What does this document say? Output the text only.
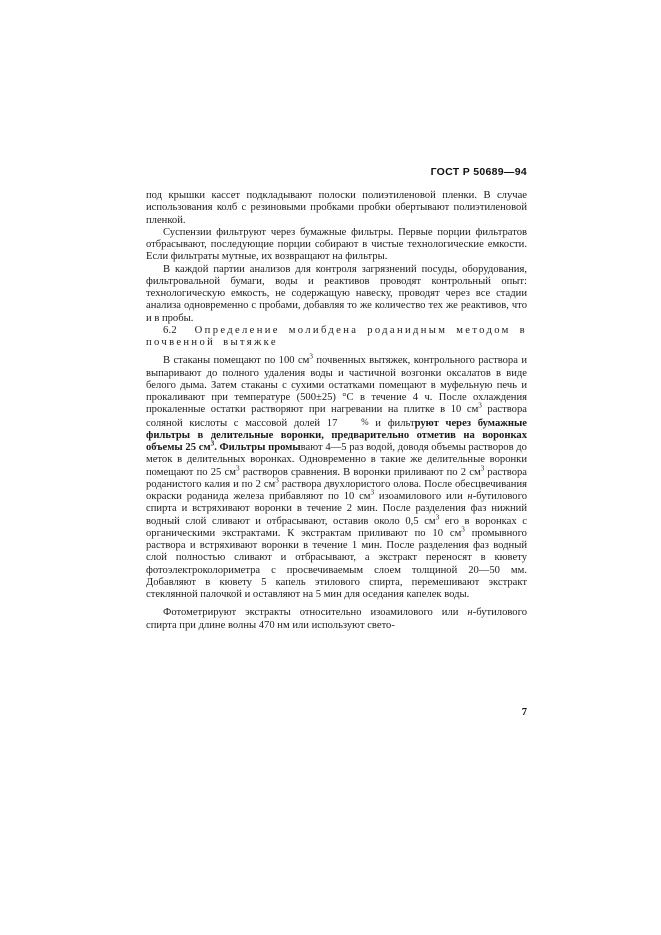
ГОСТ Р 50689—94

под крышки кассет подкладывают полоски полиэтиленовой пленки. В случае использования колб с резиновыми пробками пробки обертывают полиэтиленовой пленкой.

Суспензии фильтруют через бумажные фильтры. Первые порции фильтратов отбрасывают, последующие порции собирают в чистые технологические емкости. Если фильтраты мутные, их возвращают на фильтры.

В каждой партии анализов для контроля загрязнений посуды, оборудования, фильтровальной бумаги, воды и реактивов проводят контрольный опыт: технологическую емкость, не содержащую навеску, проводят через все стадии анализа одновременно с пробами, добавляя то же количество тех же реактивов, что и в пробы.

6.2 Определение молибдена роданидным методом в почвенной вытяжке

В стаканы помещают по 100 $см^3$ почвенных вытяжек, контрольного раствора и выпаривают до полного удаления воды и частичной возгонки оксалатов в виде белого дыма. Затем стаканы с сухими остатками помещают в муфельную печь и прокаливают при температуре (500±25) °С в течение 4 ч. После охлаждения прокаленные остатки растворяют при нагревании на плитке в 10 $см^3$ раствора соляной кислоты с массовой долей 17 % и фильтруют через бумажные фильтры в делительные воронки, предварительно отметив на воронках объемы 25 $см^3$. Фильтры промывают 4—5 раз водой, доводя объемы растворов до меток в делительных воронках. Одновременно в такие же делительные воронки помещают по 25 $см^3$ растворов сравнения. В воронки приливают по 2 $см^3$ раствора роданистого калия и по 2 $см^3$ раствора двухлористого олова. После обесцвечивания окраски роданида железа прибавляют по 10 $см^3$ изоамилового или н-бутилового спирта и встряхивают воронки в течение 2 мин. После разделения фаз нижний водный слой сливают и отбрасывают, оставив около 0,5 $см^3$ его в воронках с органическими экстрактами. К экстрактам приливают по 10 $см^3$ промывного раствора и встряхивают воронки в течение 1 мин. После разделения фаз водный слой полностью сливают и отбрасывают, а экстракт переносят в кювету фотоэлектроколориметра с просвечиваемым слоем толщиной 20—50 мм. Добавляют в кювету 5 капель этилового спирта, перемешивают экстракт стеклянной палочкой и оставляют на 5 мин для оседания капелек воды.

Фотометрируют экстракты относительно изоамилового или н-бутилового спирта при длине волны 470 нм или используют свето-

7
